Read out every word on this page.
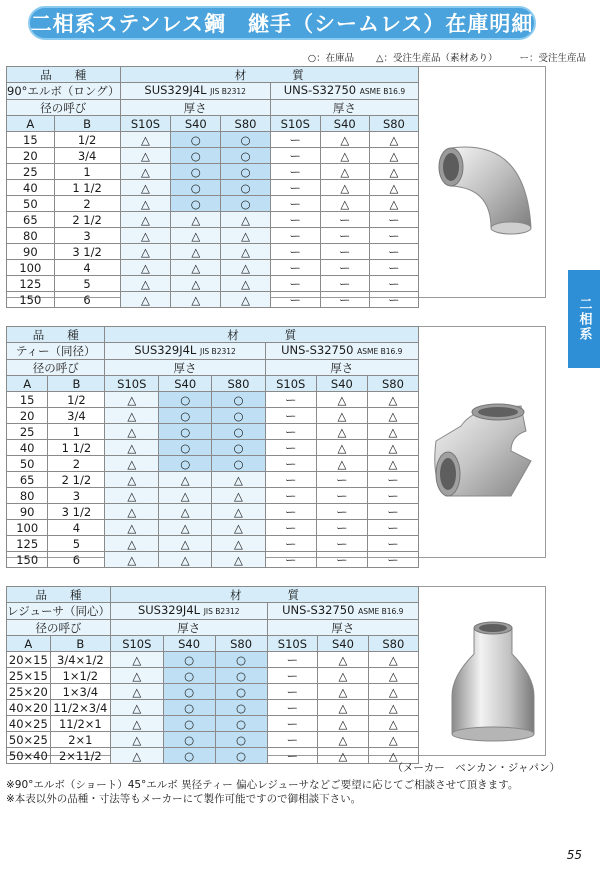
二相系ステンレス鋼　継手（シームレス）在庫明細
○：在庫品 △：受注生産品（素材あり） ー：受注生産品
二相系
品　　種		材　　　　質					
90°エルボ（ロング）		SUS329J4L JIS B2312			UNS-S32750 ASME B16.9		
径の呼び		厚さ			厚さ		
A	B	S10S	S40	S80	S10S	S40	S80
15	1/2	△	○	○	ー	△	△
20	3/4	△	○	○	ー	△	△
25	1	△	○	○	ー	△	△
40	1 1/2	△	○	○	ー	△	△
50	2	△	○	○	ー	△	△
65	2 1/2	△	△	△	ー	ー	ー
80	3	△	△	△	ー	ー	ー
90	3 1/2	△	△	△	ー	ー	ー
100	4	△	△	△	ー	ー	ー
125	5	△	△	△	ー	ー	ー
150	6	△	△	△	ー	ー	ー
品　　種		材　　　　質					
ティー（同径）		SUS329J4L JIS B2312			UNS-S32750 ASME B16.9		
径の呼び		厚さ			厚さ		
A	B	S10S	S40	S80	S10S	S40	S80
15	1/2	△	○	○	ー	△	△
20	3/4	△	○	○	ー	△	△
25	1	△	○	○	ー	△	△
40	1 1/2	△	○	○	ー	△	△
50	2	△	○	○	ー	△	△
65	2 1/2	△	△	△	ー	ー	ー
80	3	△	△	△	ー	ー	ー
90	3 1/2	△	△	△	ー	ー	ー
100	4	△	△	△	ー	ー	ー
125	5	△	△	△	ー	ー	ー
150	6	△	△	△	ー	ー	ー
品　　種		材　　　　質					
レジューサ（同心）		SUS329J4L JIS B2312			UNS-S32750 ASME B16.9		
径の呼び		厚さ			厚さ		
A	B	S10S	S40	S80	S10S	S40	S80
20×15	3/4×1/2	△	○	○	ー	△	△
25×15	1×1/2	△	○	○	ー	△	△
25×20	1×3/4	△	○	○	ー	△	△
40×20	11/2×3/4	△	○	○	ー	△	△
40×25	11/2×1	△	○	○	ー	△	△
50×25	2×1	△	○	○	ー	△	△
50×40	2×11/2	△	○	○	ー	△	△
（メーカー　ベンカン・ジャパン）
※90°エルボ（ショート）45°エルボ 異径ティー 偏心レジューサなどご要望に応じてご相談させて頂きます。
※本表以外の品種・寸法等もメーカーにて製作可能ですので御相談下さい。
55
